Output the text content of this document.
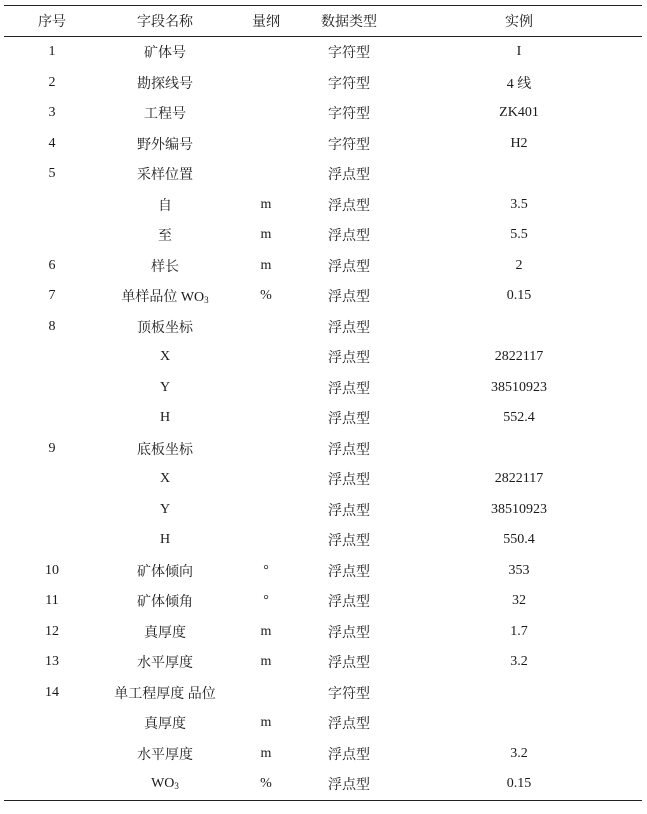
序号	字段名称	量纲	数据类型	实例
1	矿体号		字符型	I
2	勘探线号		字符型	4 线
3	工程号		字符型	ZK401
4	野外编号		字符型	H2
5	采样位置		浮点型	
	自	m	浮点型	3.5
	至	m	浮点型	5.5
6	样长	m	浮点型	2
7	单样品位 $WO_3$	%	浮点型	0.15
8	顶板坐标		浮点型	
	X		浮点型	2822117
	Y		浮点型	38510923
	H		浮点型	552.4
9	底板坐标		浮点型	
	X		浮点型	2822117
	Y		浮点型	38510923
	H		浮点型	550.4
10	矿体倾向	°	浮点型	353
11	矿体倾角	°	浮点型	32
12	真厚度	m	浮点型	1.7
13	水平厚度	m	浮点型	3.2
14	单工程厚度 品位		字符型	
	真厚度	m	浮点型	
	水平厚度	m	浮点型	3.2
	$WO_3$	%	浮点型	0.15
